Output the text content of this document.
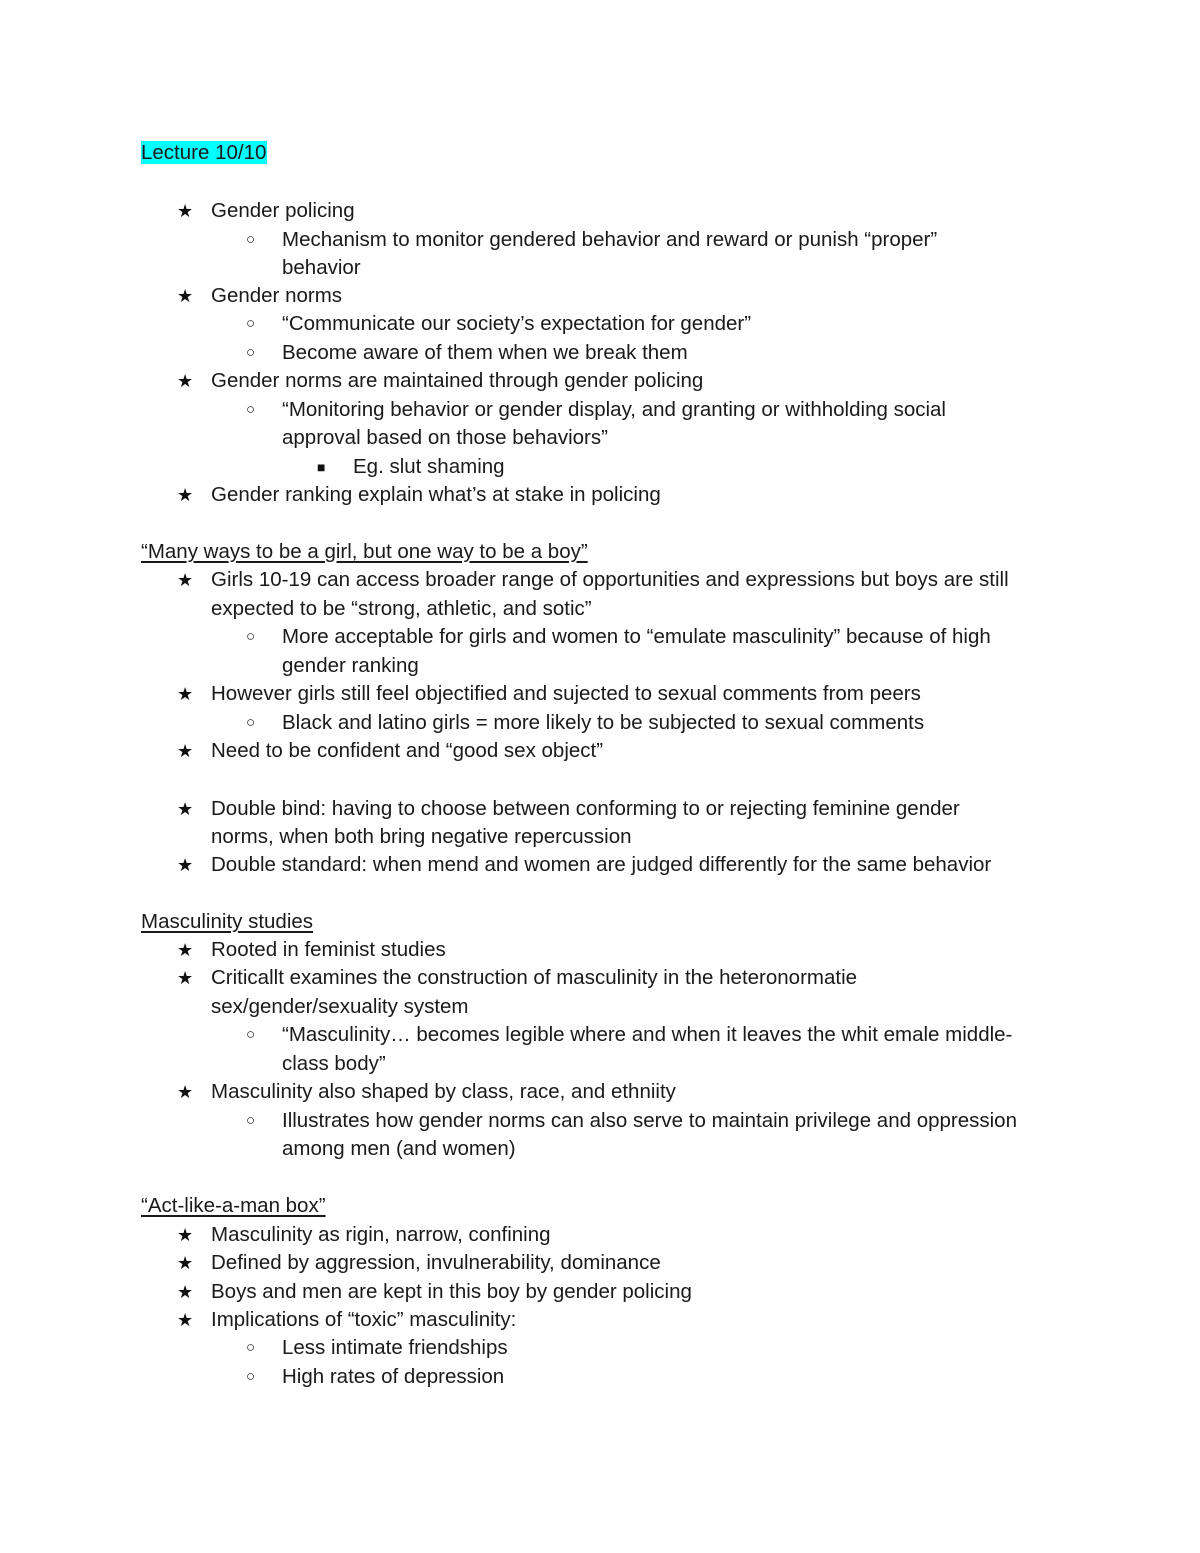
Lecture 10/10
★ Gender policing
○ Mechanism to monitor gendered behavior and reward or punish “proper”
behavior
★ Gender norms
○ “Communicate our society’s expectation for gender”
○ Become aware of them when we break them
★ Gender norms are maintained through gender policing
○ “Monitoring behavior or gender display, and granting or withholding social
approval based on those behaviors”
■ Eg. slut shaming
★ Gender ranking explain what’s at stake in policing
“Many ways to be a girl, but one way to be a boy”
★ Girls 10-19 can access broader range of opportunities and expressions but boys are still
expected to be “strong, athletic, and sotic”
○ More acceptable for girls and women to “emulate masculinity” because of high
gender ranking
★ However girls still feel objectified and sujected to sexual comments from peers
○ Black and latino girls = more likely to be subjected to sexual comments
★ Need to be confident and “good sex object”
★ Double bind: having to choose between conforming to or rejecting feminine gender
norms, when both bring negative repercussion
★ Double standard: when mend and women are judged differently for the same behavior
Masculinity studies
★ Rooted in feminist studies
★ Criticallt examines the construction of masculinity in the heteronormatie
sex/gender/sexuality system
○ “Masculinity… becomes legible where and when it leaves the whit emale middle-
class body”
★ Masculinity also shaped by class, race, and ethniity
○ Illustrates how gender norms can also serve to maintain privilege and oppression
among men (and women)
“Act-like-a-man box”
★ Masculinity as rigin, narrow, confining
★ Defined by aggression, invulnerability, dominance
★ Boys and men are kept in this boy by gender policing
★ Implications of “toxic” masculinity:
○ Less intimate friendships
○ High rates of depression
